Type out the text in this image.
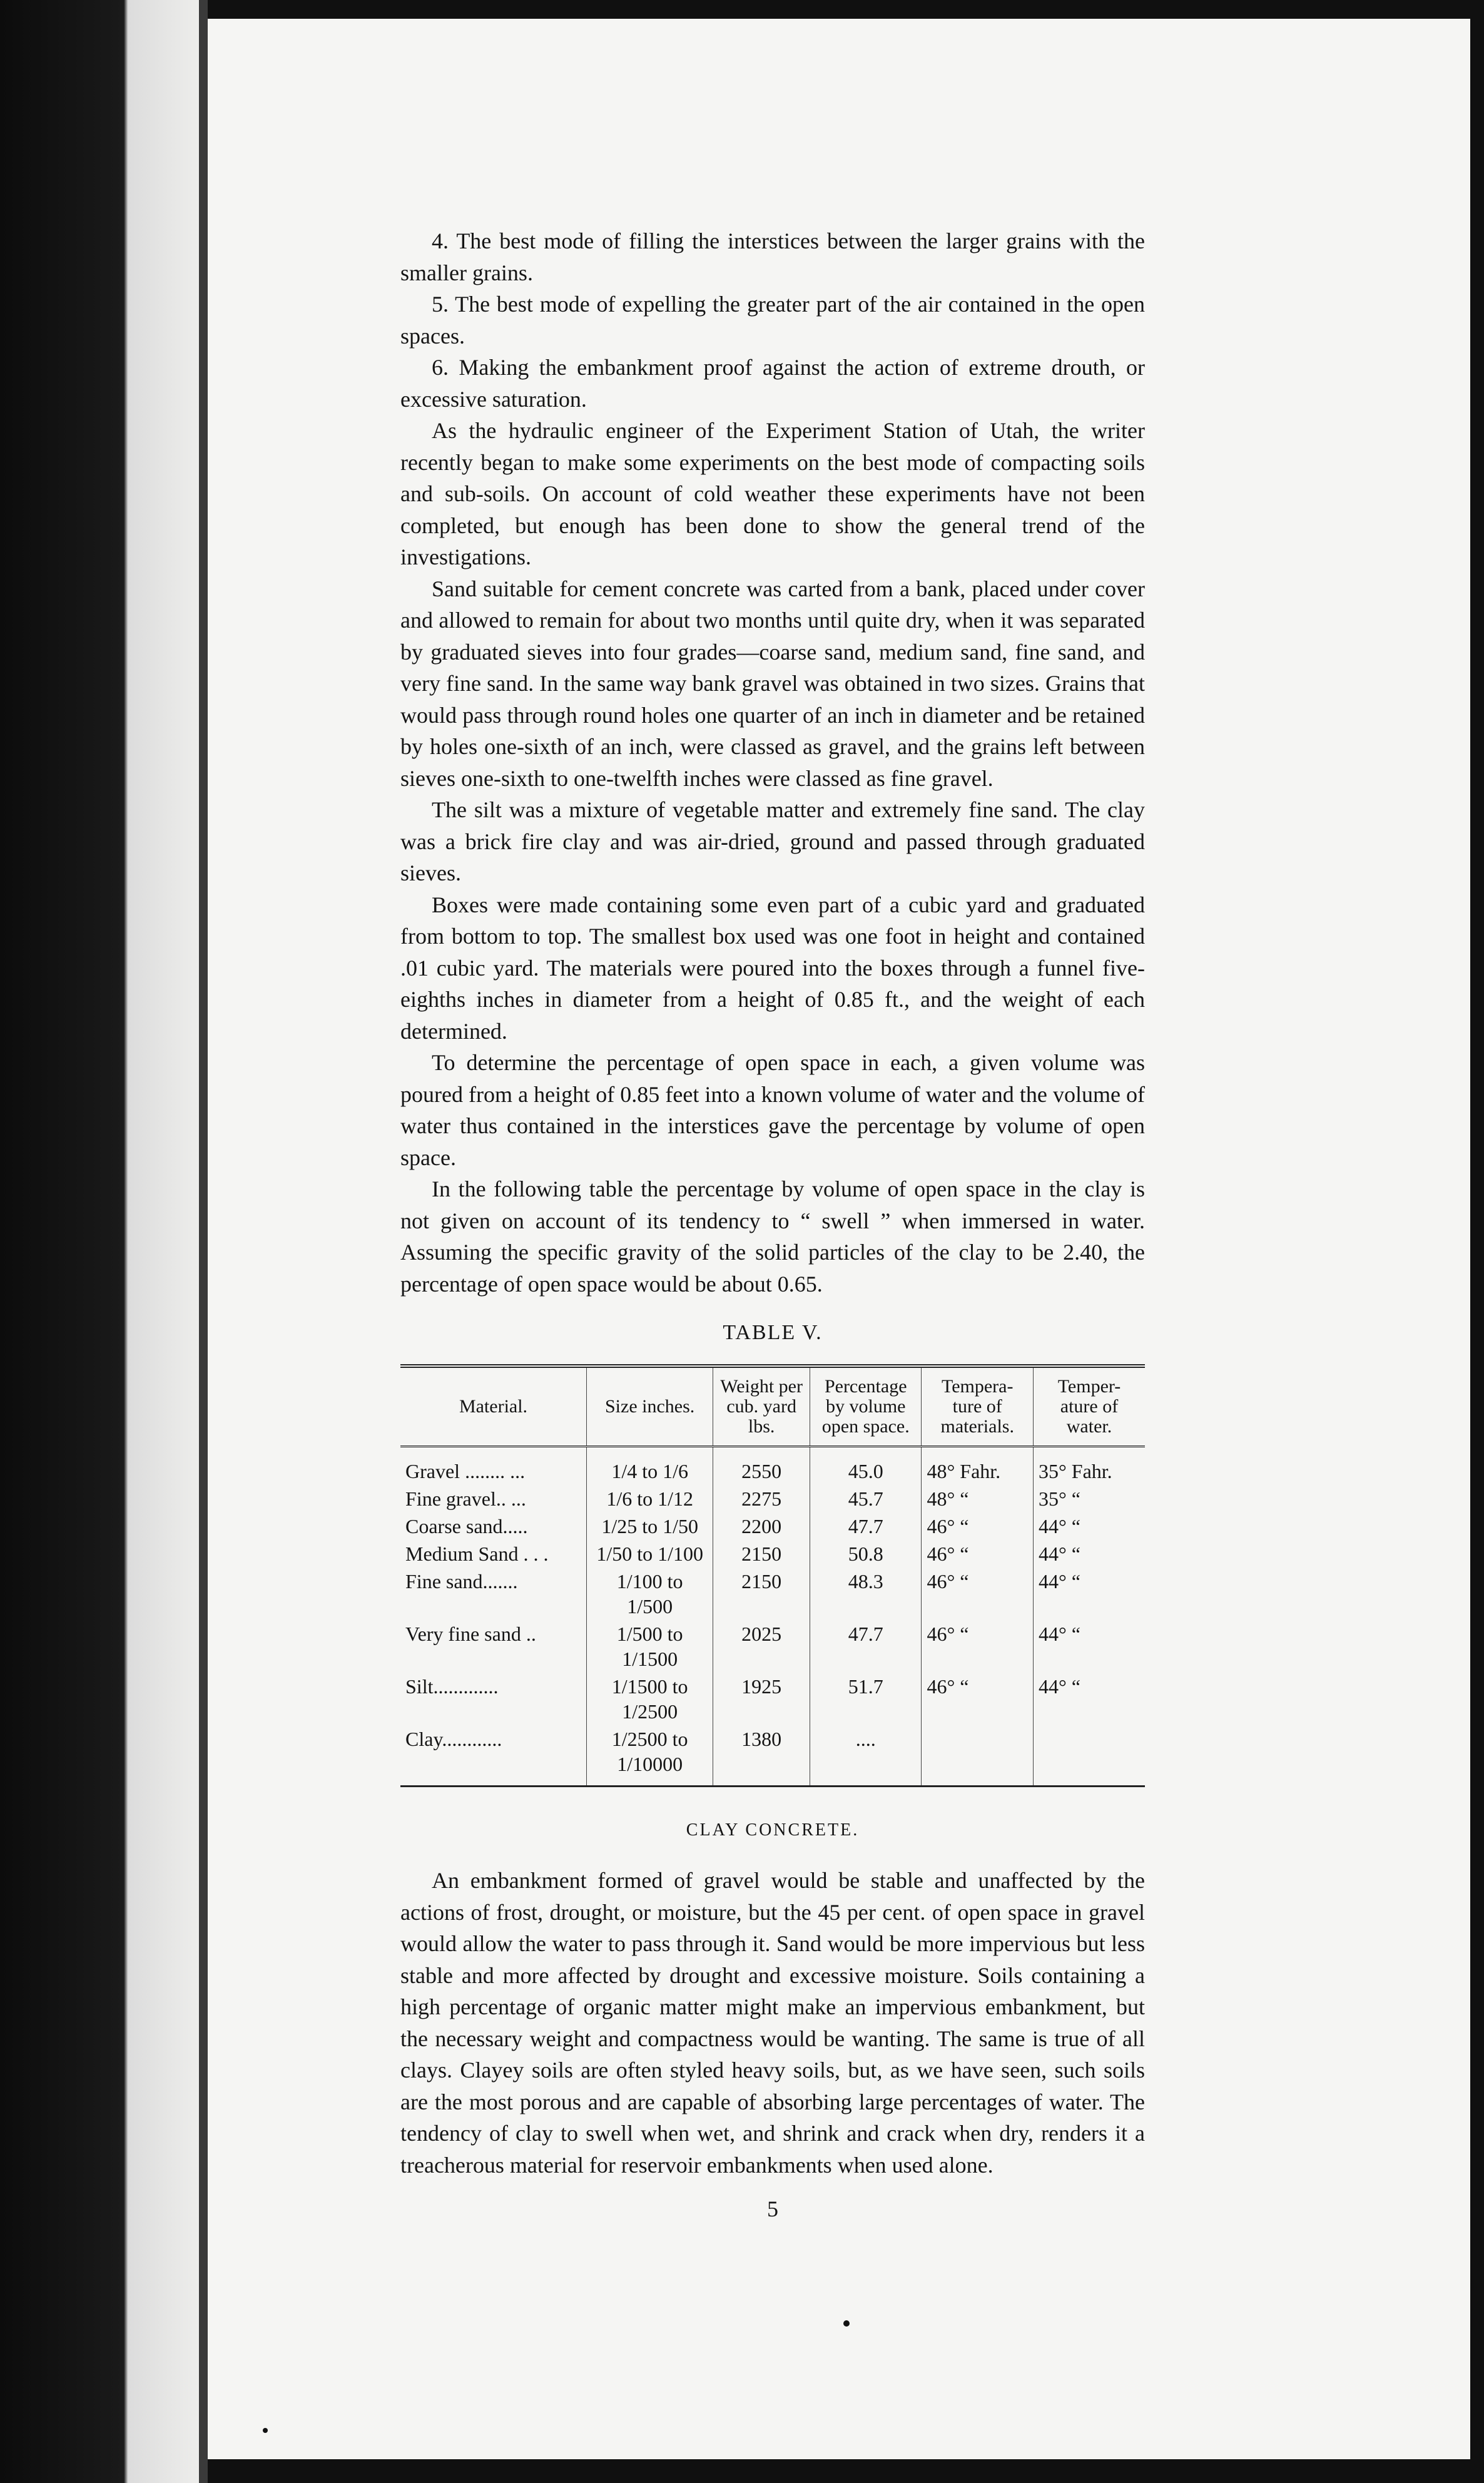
4. The best mode of filling the interstices between the larger grains with the smaller grains.

5. The best mode of expelling the greater part of the air contained in the open spaces.

6. Making the embankment proof against the action of extreme drouth, or excessive saturation.

As the hydraulic engineer of the Experiment Station of Utah, the writer recently began to make some experiments on the best mode of compacting soils and sub-soils. On account of cold weather these experiments have not been completed, but enough has been done to show the general trend of the investigations.

Sand suitable for cement concrete was carted from a bank, placed under cover and allowed to remain for about two months until quite dry, when it was separated by graduated sieves into four grades—coarse sand, medium sand, fine sand, and very fine sand. In the same way bank gravel was obtained in two sizes. Grains that would pass through round holes one quarter of an inch in diameter and be retained by holes one-sixth of an inch, were classed as gravel, and the grains left between sieves one-sixth to one-twelfth inches were classed as fine gravel.

The silt was a mixture of vegetable matter and extremely fine sand. The clay was a brick fire clay and was air-dried, ground and passed through graduated sieves.

Boxes were made containing some even part of a cubic yard and graduated from bottom to top. The smallest box used was one foot in height and contained .01 cubic yard. The materials were poured into the boxes through a funnel five-eighths inches in diameter from a height of 0.85 ft., and the weight of each determined.

To determine the percentage of open space in each, a given volume was poured from a height of 0.85 feet into a known volume of water and the volume of water thus contained in the interstices gave the percentage by volume of open space.

In the following table the percentage by volume of open space in the clay is not given on account of its tendency to “ swell ” when immersed in water. Assuming the specific gravity of the solid particles of the clay to be 2.40, the percentage of open space would be about 0.65.

TABLE V.
Material.	Size inches.	Weight per cub. yard lbs.	Percentage by volume open space.	Tempera- ture of materials.	Temper- ature of water.
Gravel ........ ...	1/4 to 1/6	2550	45.0	48° Fahr.	35° Fahr.
Fine gravel.. ...	1/6 to 1/12	2275	45.7	48° “	35° “
Coarse sand.....	1/25 to 1/50	2200	47.7	46° “	44° “
Medium Sand . . .	1/50 to 1/100	2150	50.8	46° “	44° “
Fine sand.......	1/100 to 1/500	2150	48.3	46° “	44° “
Very fine sand ..	1/500 to 1/1500	2025	47.7	46° “	44° “
Silt.............	1/1500 to 1/2500	1925	51.7	46° “	44° “
Clay............	1/2500 to 1/10000	1380	....		
CLAY CONCRETE.

An embankment formed of gravel would be stable and unaffected by the actions of frost, drought, or moisture, but the 45 per cent. of open space in gravel would allow the water to pass through it. Sand would be more impervious but less stable and more affected by drought and excessive moisture. Soils containing a high percentage of organic matter might make an impervious embankment, but the necessary weight and compactness would be wanting. The same is true of all clays. Clayey soils are often styled heavy soils, but, as we have seen, such soils are the most porous and are capable of absorbing large percentages of water. The tendency of clay to swell when wet, and shrink and crack when dry, renders it a treacherous material for reservoir embankments when used alone.

5
